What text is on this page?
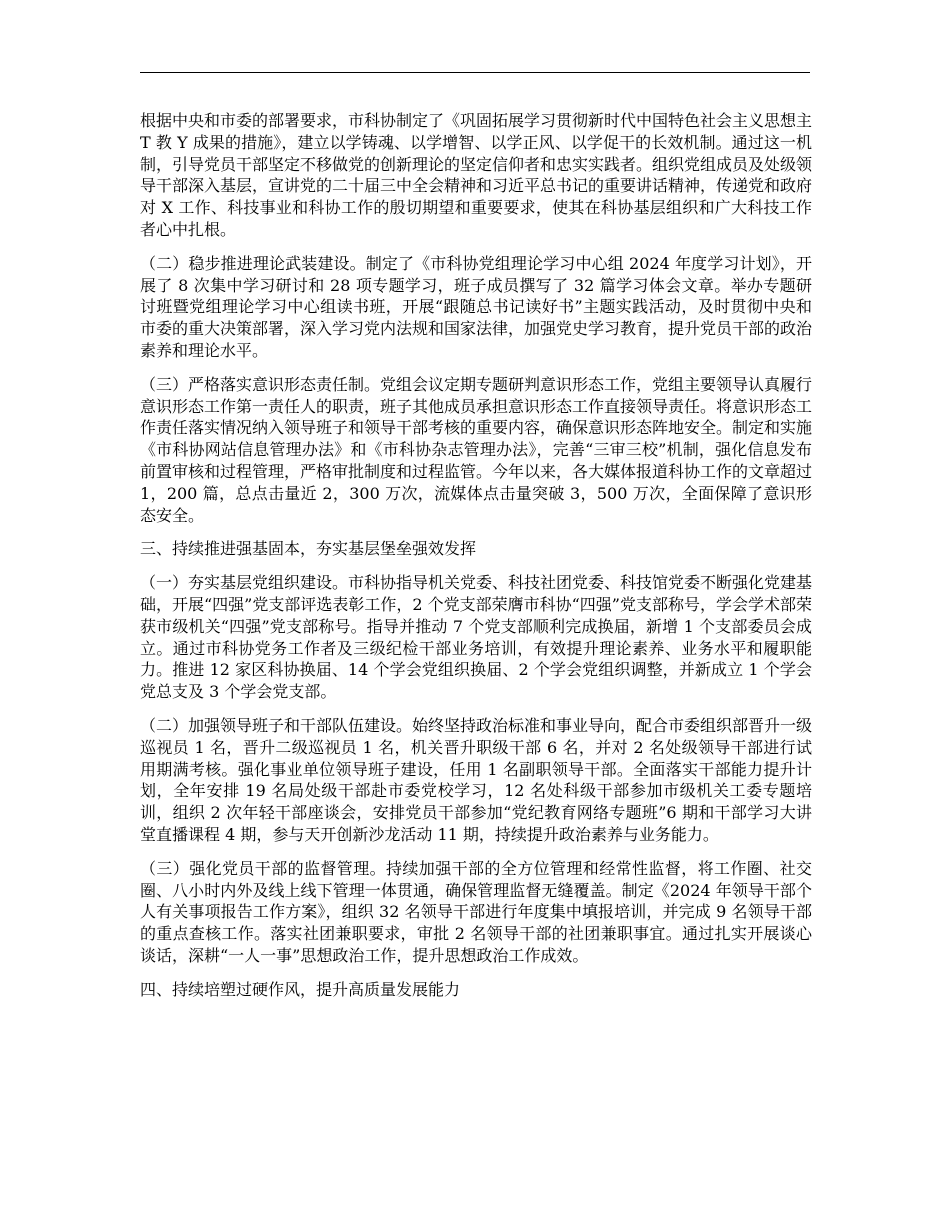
根据中央和市委的部署要求，市科协制定了《巩固拓展学习贯彻新时代中国特色社会主义思想主 T 教 Y 成果的措施》，建立以学铸魂、以学增智、以学正风、以学促干的长效机制。通过这一机制，引导党员干部坚定不移做党的创新理论的坚定信仰者和忠实实践者。组织党组成员及处级领导干部深入基层，宣讲党的二十届三中全会精神和习近平总书记的重要讲话精神，传递党和政府对 X 工作、科技事业和科协工作的殷切期望和重要要求，使其在科协基层组织和广大科技工作者心中扎根。

（二）稳步推进理论武装建设。制定了《市科协党组理论学习中心组 2024 年度学习计划》，开展了 8 次集中学习研讨和 28 项专题学习，班子成员撰写了 32 篇学习体会文章。举办专题研讨班暨党组理论学习中心组读书班，开展“跟随总书记读好书”主题实践活动，及时贯彻中央和市委的重大决策部署，深入学习党内法规和国家法律，加强党史学习教育，提升党员干部的政治素养和理论水平。

（三）严格落实意识形态责任制。党组会议定期专题研判意识形态工作，党组主要领导认真履行意识形态工作第一责任人的职责，班子其他成员承担意识形态工作直接领导责任。将意识形态工作责任落实情况纳入领导班子和领导干部考核的重要内容，确保意识形态阵地安全。制定和实施《市科协网站信息管理办法》和《市科协杂志管理办法》，完善“三审三校”机制，强化信息发布前置审核和过程管理，严格审批制度和过程监管。今年以来，各大媒体报道科协工作的文章超过 1，200 篇，总点击量近 2，300 万次，流媒体点击量突破 3，500 万次，全面保障了意识形态安全。

三、持续推进强基固本，夯实基层堡垒强效发挥

（一）夯实基层党组织建设。市科协指导机关党委、科技社团党委、科技馆党委不断强化党建基础，开展“四强”党支部评选表彰工作，2 个党支部荣膺市科协“四强”党支部称号，学会学术部荣获市级机关“四强”党支部称号。指导并推动 7 个党支部顺利完成换届，新增 1 个支部委员会成立。通过市科协党务工作者及三级纪检干部业务培训，有效提升理论素养、业务水平和履职能力。推进 12 家区科协换届、14 个学会党组织换届、2 个学会党组织调整，并新成立 1 个学会党总支及 3 个学会党支部。

（二）加强领导班子和干部队伍建设。始终坚持政治标准和事业导向，配合市委组织部晋升一级巡视员 1 名，晋升二级巡视员 1 名，机关晋升职级干部 6 名，并对 2 名处级领导干部进行试用期满考核。强化事业单位领导班子建设，任用 1 名副职领导干部。全面落实干部能力提升计划，全年安排 19 名局处级干部赴市委党校学习，12 名处科级干部参加市级机关工委专题培训，组织 2 次年轻干部座谈会，安排党员干部参加“党纪教育网络专题班”6 期和干部学习大讲堂直播课程 4 期，参与天开创新沙龙活动 11 期，持续提升政治素养与业务能力。

（三）强化党员干部的监督管理。持续加强干部的全方位管理和经常性监督，将工作圈、社交圈、八小时内外及线上线下管理一体贯通，确保管理监督无缝覆盖。制定《2024 年领导干部个人有关事项报告工作方案》，组织 32 名领导干部进行年度集中填报培训，并完成 9 名领导干部的重点查核工作。落实社团兼职要求，审批 2 名领导干部的社团兼职事宜。通过扎实开展谈心谈话，深耕“一人一事”思想政治工作，提升思想政治工作成效。

四、持续培塑过硬作风，提升高质量发展能力
